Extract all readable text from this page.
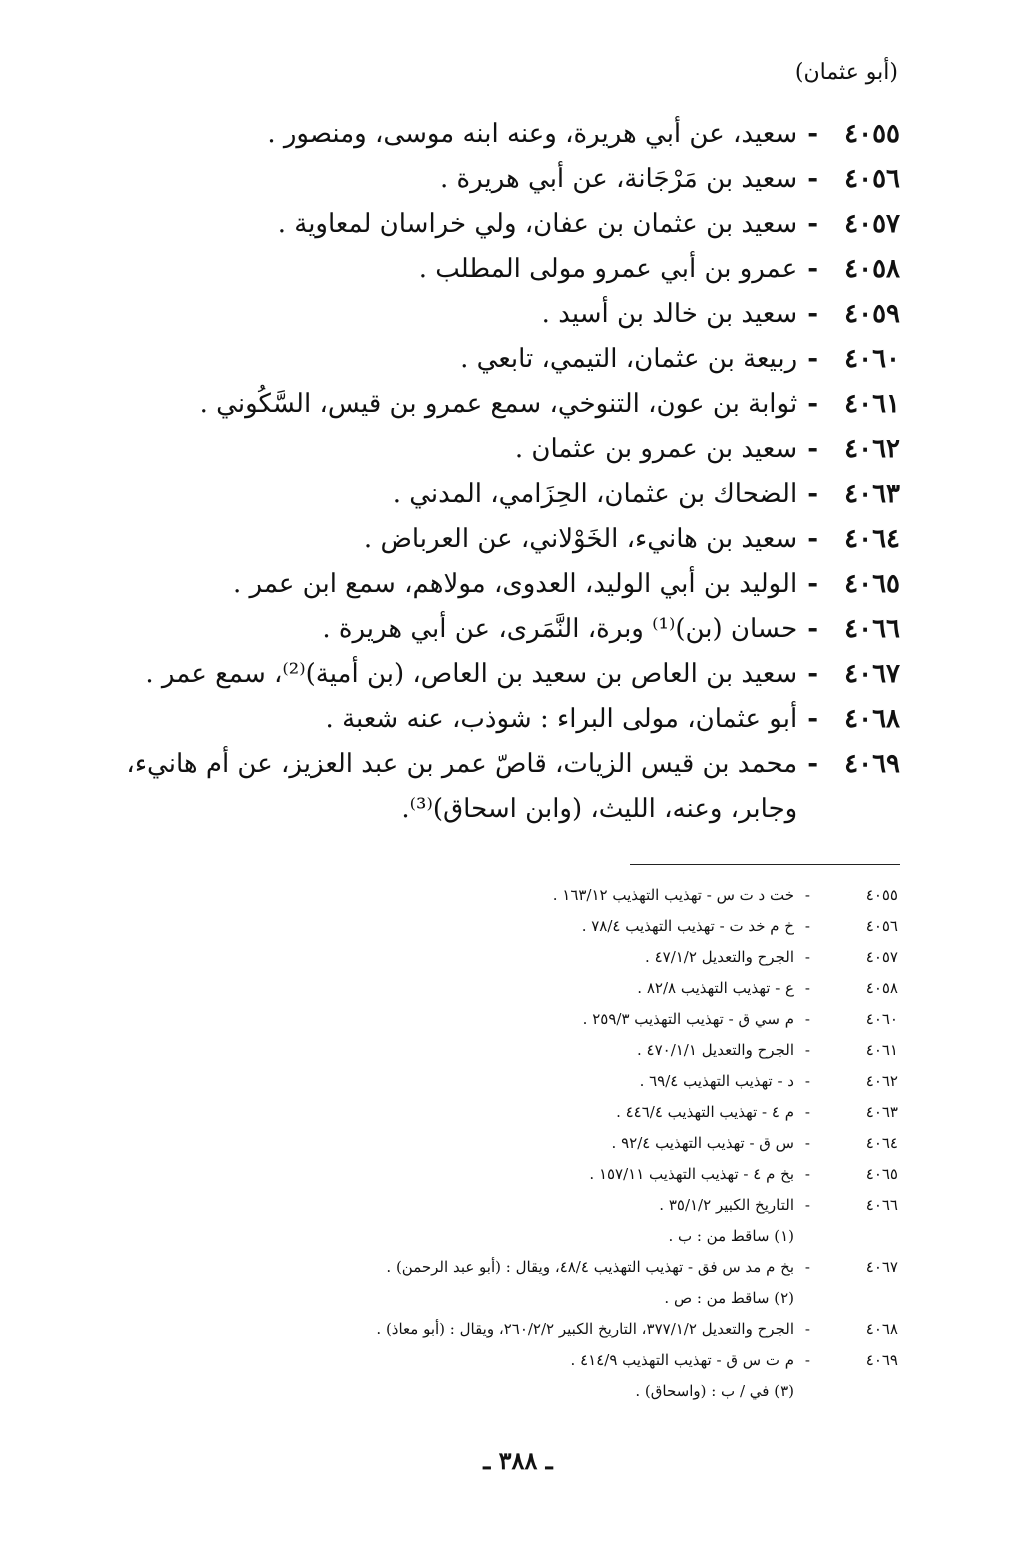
(أبو عثمان)
٤٠٥٥
-
سعيد، عن أبي هريرة، وعنه ابنه موسى، ومنصور .
٤٠٥٦
-
سعيد بن مَرْجَانة، عن أبي هريرة .
٤٠٥٧
-
سعيد بن عثمان بن عفان، ولي خراسان لمعاوية .
٤٠٥٨
-
عمرو بن أبي عمرو مولى المطلب .
٤٠٥٩
-
سعيد بن خالد بن أسيد .
٤٠٦٠
-
ربيعة بن عثمان، التيمي، تابعي .
٤٠٦١
-
ثوابة بن عون، التنوخي، سمع عمرو بن قيس، السَّكُوني .
٤٠٦٢
-
سعيد بن عمرو بن عثمان .
٤٠٦٣
-
الضحاك بن عثمان، الحِزَامي، المدني .
٤٠٦٤
-
سعيد بن هانيء، الخَوْلاني، عن العرباض .
٤٠٦٥
-
الوليد بن أبي الوليد، العدوى، مولاهم، سمع ابن عمر .
٤٠٦٦
-
حسان (بن)⁽¹⁾ وبرة، النَّمَرى، عن أبي هريرة .
٤٠٦٧
-
سعيد بن العاص بن سعيد بن العاص، (بن أمية)⁽²⁾، سمع عمر .
٤٠٦٨
-
أبو عثمان، مولى البراء : شوذب، عنه شعبة .
٤٠٦٩
-
محمد بن قيس الزيات، قاصّ عمر بن عبد العزيز، عن أم هانيء، وجابر، وعنه، الليث، (وابن اسحاق)⁽³⁾.
٤٠٥٥
-
خت د ت س - تهذيب التهذيب ١٦٣/١٢ .
٤٠٥٦
-
خ م خد ت - تهذيب التهذيب ٧٨/٤ .
٤٠٥٧
-
الجرح والتعديل ٤٧/١/٢ .
٤٠٥٨
-
ع - تهذيب التهذيب ٨٢/٨ .
٤٠٦٠
-
م سي ق - تهذيب التهذيب ٢٥٩/٣ .
٤٠٦١
-
الجرح والتعديل ٤٧٠/١/١ .
٤٠٦٢
-
د - تهذيب التهذيب ٦٩/٤ .
٤٠٦٣
-
م ٤ - تهذيب التهذيب ٤٤٦/٤ .
٤٠٦٤
-
س ق - تهذيب التهذيب ٩٢/٤ .
٤٠٦٥
-
بخ م ٤ - تهذيب التهذيب ١٥٧/١١ .
٤٠٦٦
-
التاريخ الكبير ٣٥/١/٢ .
(١) ساقط من : ب .
٤٠٦٧
-
بخ م مد س فق - تهذيب التهذيب ٤٨/٤، ويقال : (أبو عبد الرحمن) .
(٢) ساقط من : ص .
٤٠٦٨
-
الجرح والتعديل ٣٧٧/١/٢، التاريخ الكبير ٢٦٠/٢/٢، ويقال : (أبو معاذ) .
٤٠٦٩
-
م ت س ق - تهذيب التهذيب ٤١٤/٩ .
(٣) في / ب : (واسحاق) .
ـ ٣٨٨ ـ
